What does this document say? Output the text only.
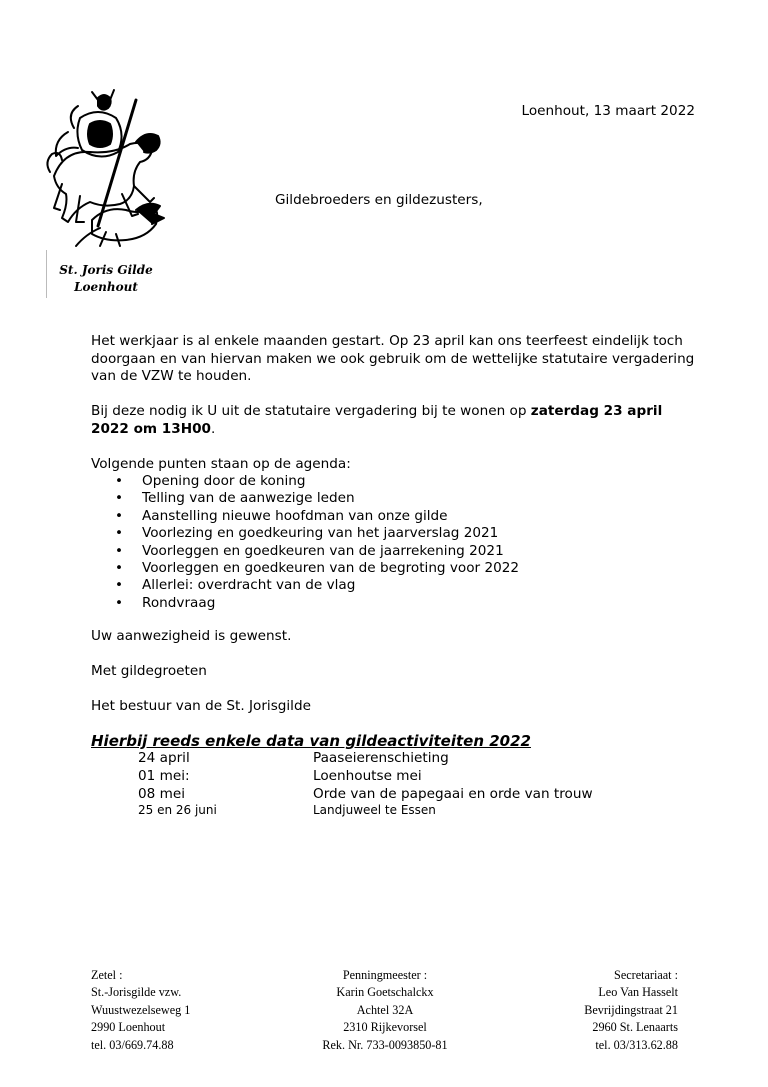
St. Joris Gilde
Loenhout
Loenhout, 13 maart 2022
Gildebroeders en gildezusters,
Het werkjaar is al enkele maanden gestart. Op 23 april kan ons teerfeest eindelijk toch doorgaan en van hiervan maken we ook gebruik om de wettelijke statutaire vergadering van de VZW te houden.
Bij deze nodig ik U uit de statutaire vergadering bij te wonen op zaterdag 23 april 2022 om 13H00.
Volgende punten staan op de agenda:
• Opening door de koning
• Telling van de aanwezige leden
• Aanstelling nieuwe hoofdman van onze gilde
• Voorlezing en goedkeuring van het jaarverslag 2021
• Voorleggen en goedkeuren van de jaarrekening 2021
• Voorleggen en goedkeuren van de begroting voor 2022
• Allerlei: overdracht van de vlag
• Rondvraag
Uw aanwezigheid is gewenst.
Met gildegroeten
Het bestuur van de St. Jorisgilde
Hierbij reeds enkele data van gildeactiviteiten 2022
24 april	Paaseierenschieting
01 mei:	Loenhoutse mei
08 mei	Orde van de papegaai en orde van trouw
25 en 26 juni	Landjuweel te Essen
Zetel :
St.-Jorisgilde vzw.
Wuustwezelseweg 1
2990 Loenhout
tel. 03/669.74.88
Penningmeester :
Karin Goetschalckx
Achtel 32A
2310 Rijkevorsel
Rek. Nr. 733-0093850-81
Secretariaat :
Leo Van Hasselt
Bevrijdingstraat 21
2960 St. Lenaarts
tel. 03/313.62.88
